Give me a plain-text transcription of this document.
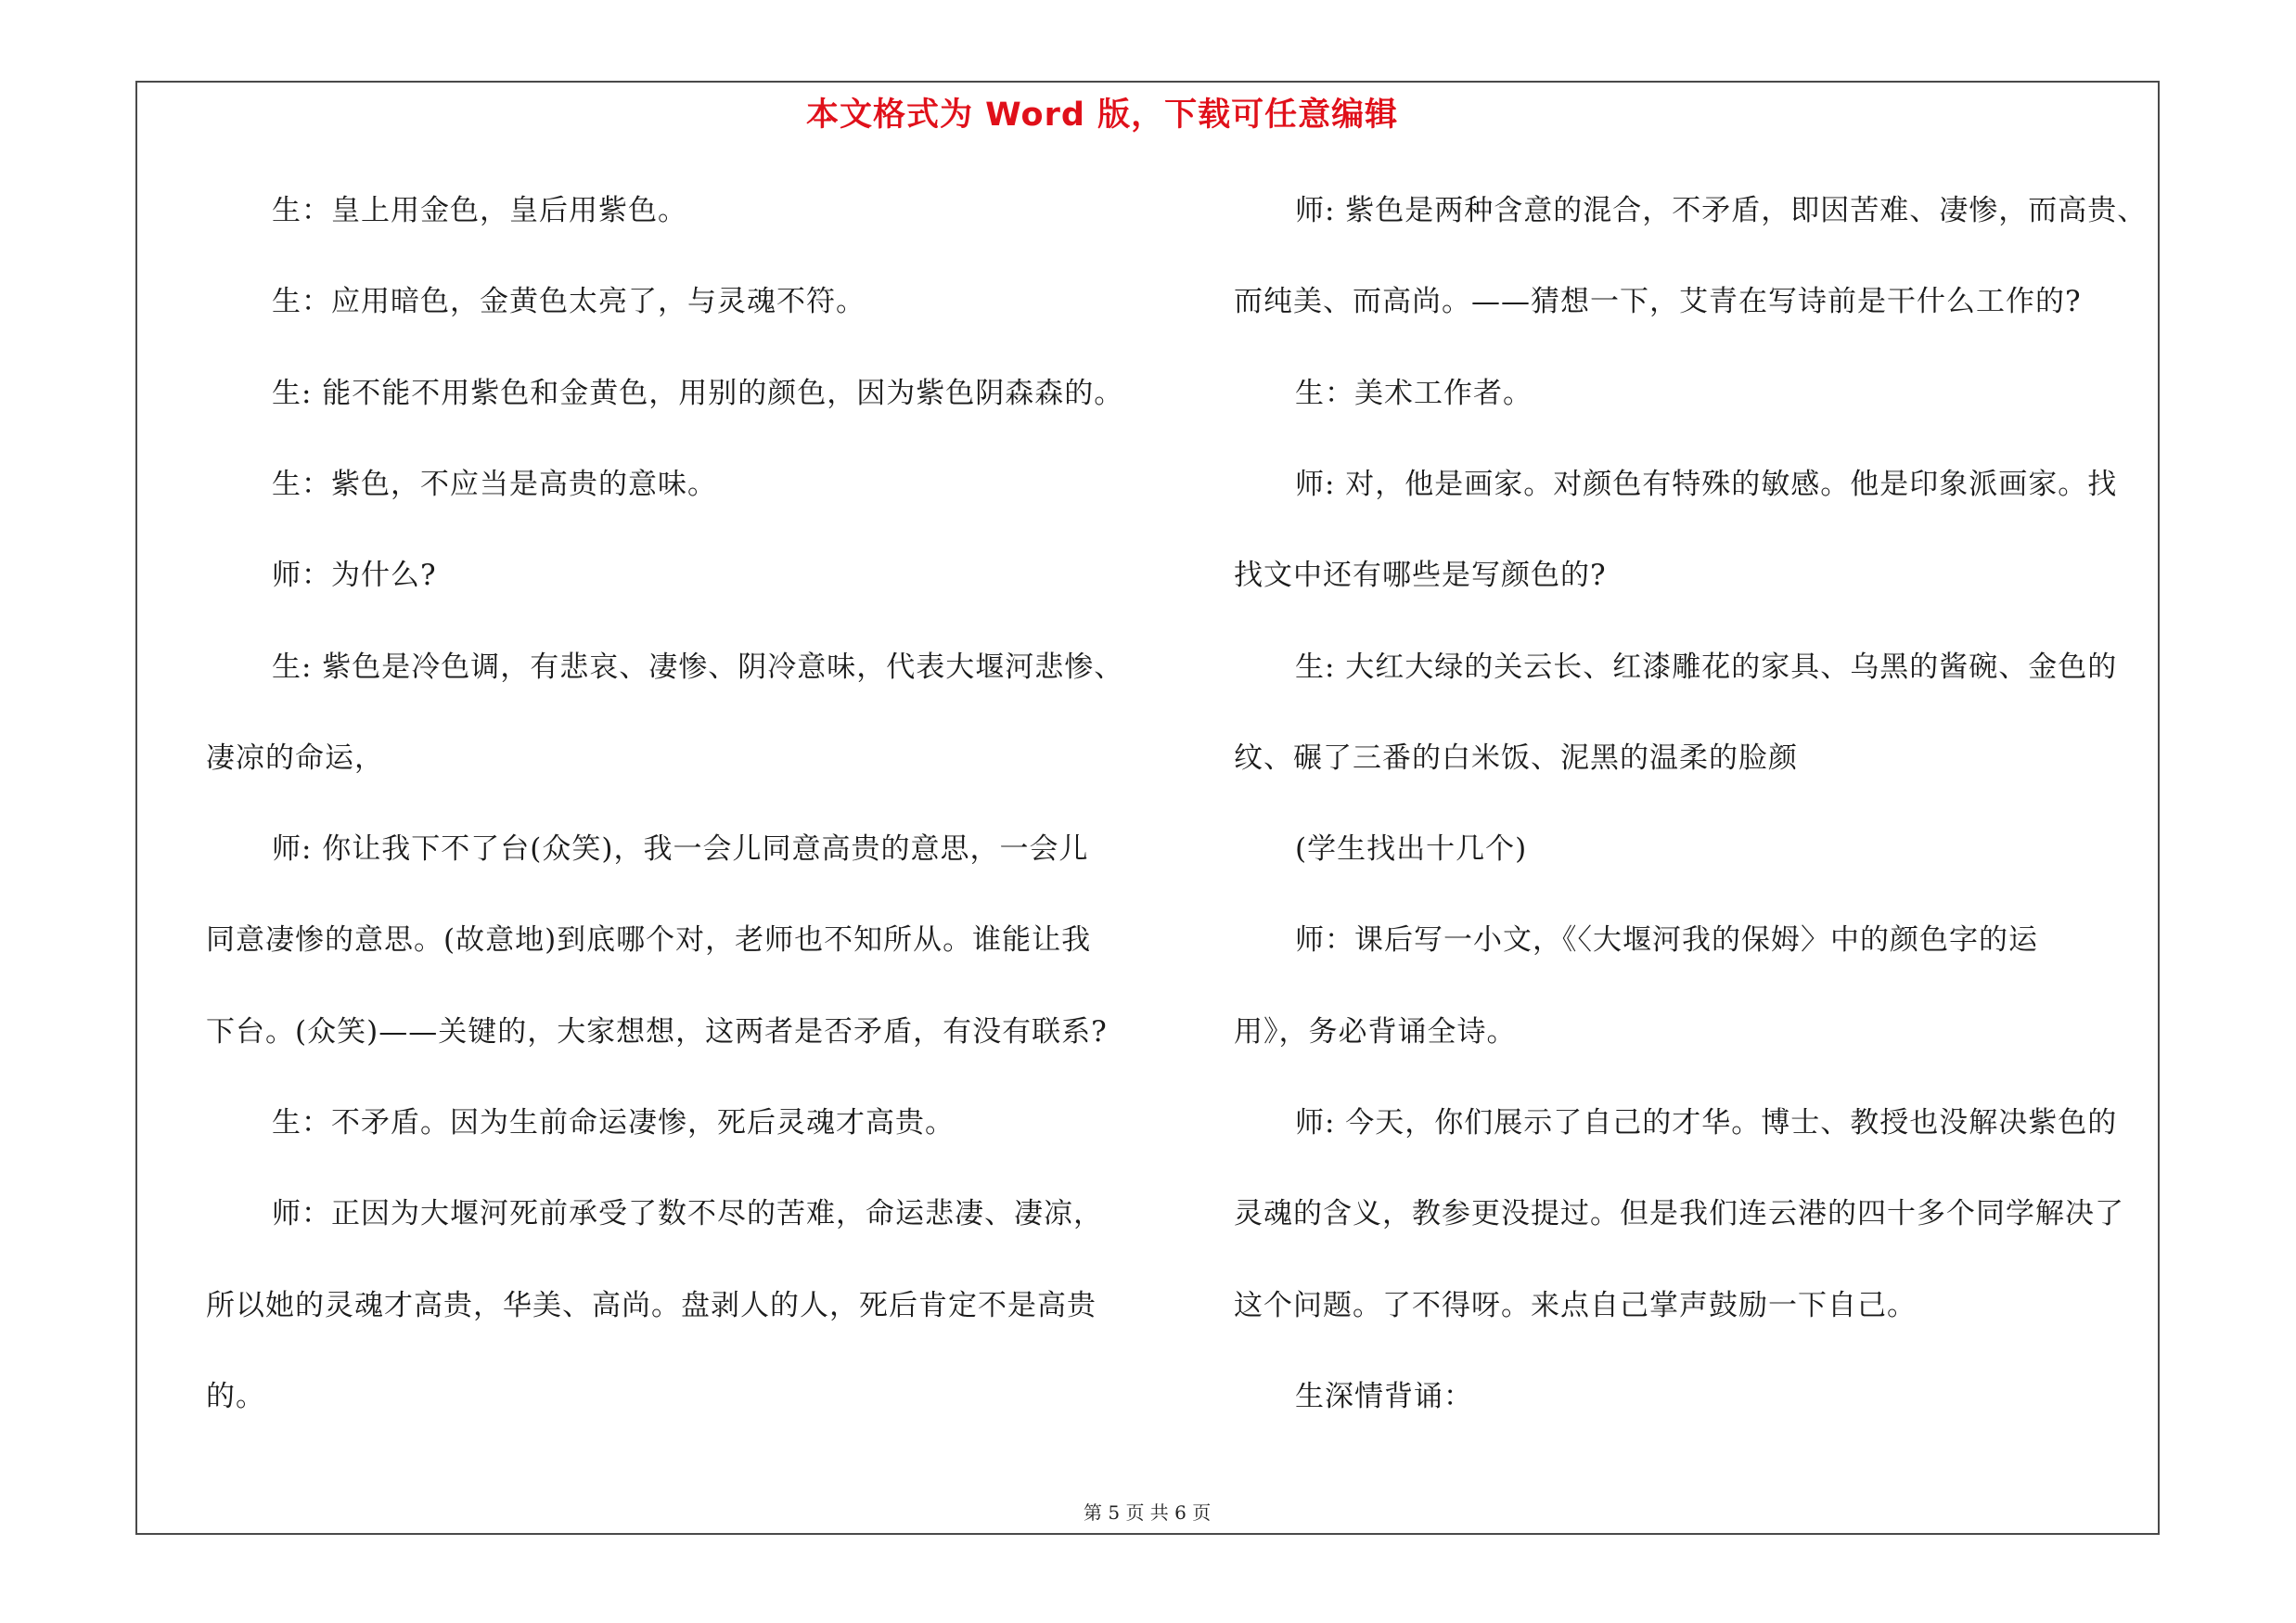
本文格式为 Word 版，下载可任意编辑
生：皇上用金色，皇后用紫色。
生：应用暗色，金黄色太亮了，与灵魂不符。
生: 能不能不用紫色和金黄色，用别的颜色，因为紫色阴森森的。
生：紫色，不应当是高贵的意味。
师：为什么?
生: 紫色是冷色调，有悲哀、凄惨、阴冷意味，代表大堰河悲惨、
凄凉的命运，
师: 你让我下不了台(众笑)，我一会儿同意高贵的意思，一会儿
同意凄惨的意思。(故意地)到底哪个对，老师也不知所从。谁能让我
下台。(众笑)——关键的，大家想想，这两者是否矛盾，有没有联系?
生：不矛盾。因为生前命运凄惨，死后灵魂才高贵。
师：正因为大堰河死前承受了数不尽的苦难，命运悲凄、凄凉，
所以她的灵魂才高贵，华美、高尚。盘剥人的人，死后肯定不是高贵
的。
师: 紫色是两种含意的混合，不矛盾，即因苦难、凄惨，而高贵、
而纯美、而高尚。——猜想一下，艾青在写诗前是干什么工作的?
生：美术工作者。
师: 对，他是画家。对颜色有特殊的敏感。他是印象派画家。找
找文中还有哪些是写颜色的?
生: 大红大绿的关云长、红漆雕花的家具、乌黑的酱碗、金色的
纹、碾了三番的白米饭、泥黑的温柔的脸颜
(学生找出十几个)
师：课后写一小文，《〈大堰河我的保姆〉中的颜色字的运
用》，务必背诵全诗。
师: 今天，你们展示了自己的才华。博士、教授也没解决紫色的
灵魂的含义，教参更没提过。但是我们连云港的四十多个同学解决了
这个问题。了不得呀。来点自己掌声鼓励一下自己。
生深情背诵：
第 5 页 共 6 页
